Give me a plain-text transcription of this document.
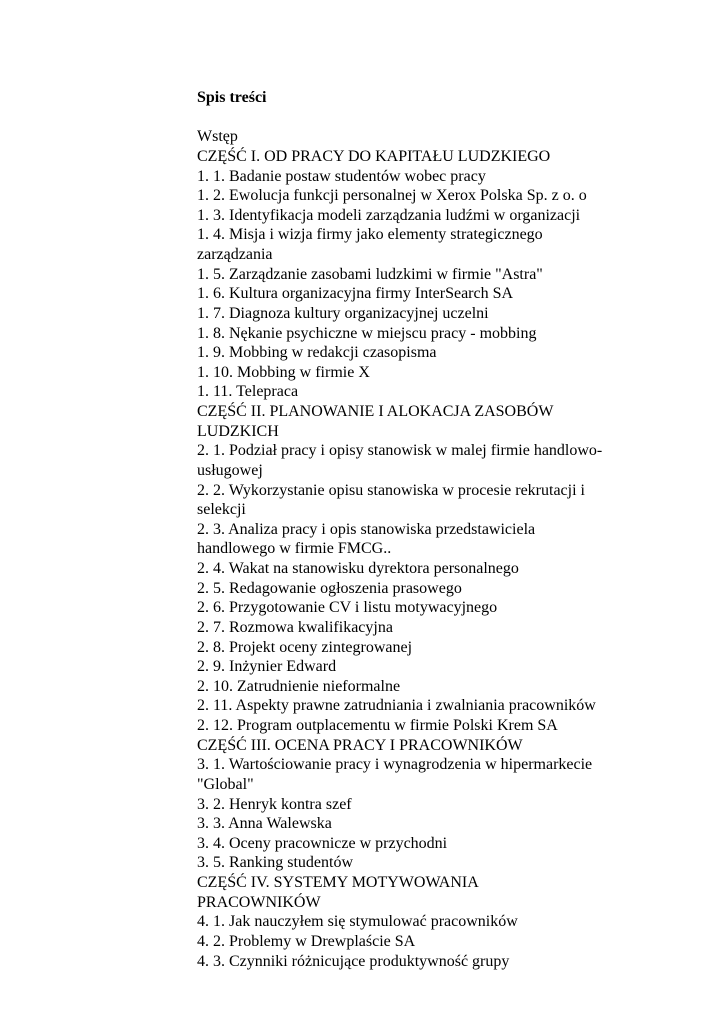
Spis treści
Wstęp
CZĘŚĆ I. OD PRACY DO KAPITAŁU LUDZKIEGO
1. 1. Badanie postaw studentów wobec pracy
1. 2. Ewolucja funkcji personalnej w Xerox Polska Sp. z o. o
1. 3. Identyfikacja modeli zarządzania ludźmi w organizacji
1. 4. Misja i wizja firmy jako elementy strategicznego
zarządzania
1. 5. Zarządzanie zasobami ludzkimi w firmie "Astra"
1. 6. Kultura organizacyjna firmy InterSearch SA
1. 7. Diagnoza kultury organizacyjnej uczelni
1. 8. Nękanie psychiczne w miejscu pracy - mobbing
1. 9. Mobbing w redakcji czasopisma
1. 10. Mobbing w firmie X
1. 11. Telepraca
CZĘŚĆ II. PLANOWANIE I ALOKACJA ZASOBÓW
LUDZKICH
2. 1. Podział pracy i opisy stanowisk w malej firmie handlowo-
usługowej
2. 2. Wykorzystanie opisu stanowiska w procesie rekrutacji i
selekcji
2. 3. Analiza pracy i opis stanowiska przedstawiciela
handlowego w firmie FMCG..
2. 4. Wakat na stanowisku dyrektora personalnego
2. 5. Redagowanie ogłoszenia prasowego
2. 6. Przygotowanie CV i listu motywacyjnego
2. 7. Rozmowa kwalifikacyjna
2. 8. Projekt oceny zintegrowanej
2. 9. Inżynier Edward
2. 10. Zatrudnienie nieformalne
2. 11. Aspekty prawne zatrudniania i zwalniania pracowników
2. 12. Program outplacementu w firmie Polski Krem SA
CZĘŚĆ III. OCENA PRACY I PRACOWNIKÓW
3. 1. Wartościowanie pracy i wynagrodzenia w hipermarkecie
"Global"
3. 2. Henryk kontra szef
3. 3. Anna Walewska
3. 4. Oceny pracownicze w przychodni
3. 5. Ranking studentów
CZĘŚĆ IV. SYSTEMY MOTYWOWANIA
PRACOWNIKÓW
4. 1. Jak nauczyłem się stymulować pracowników
4. 2. Problemy w Drewplaście SA
4. 3. Czynniki różnicujące produktywność grupy
